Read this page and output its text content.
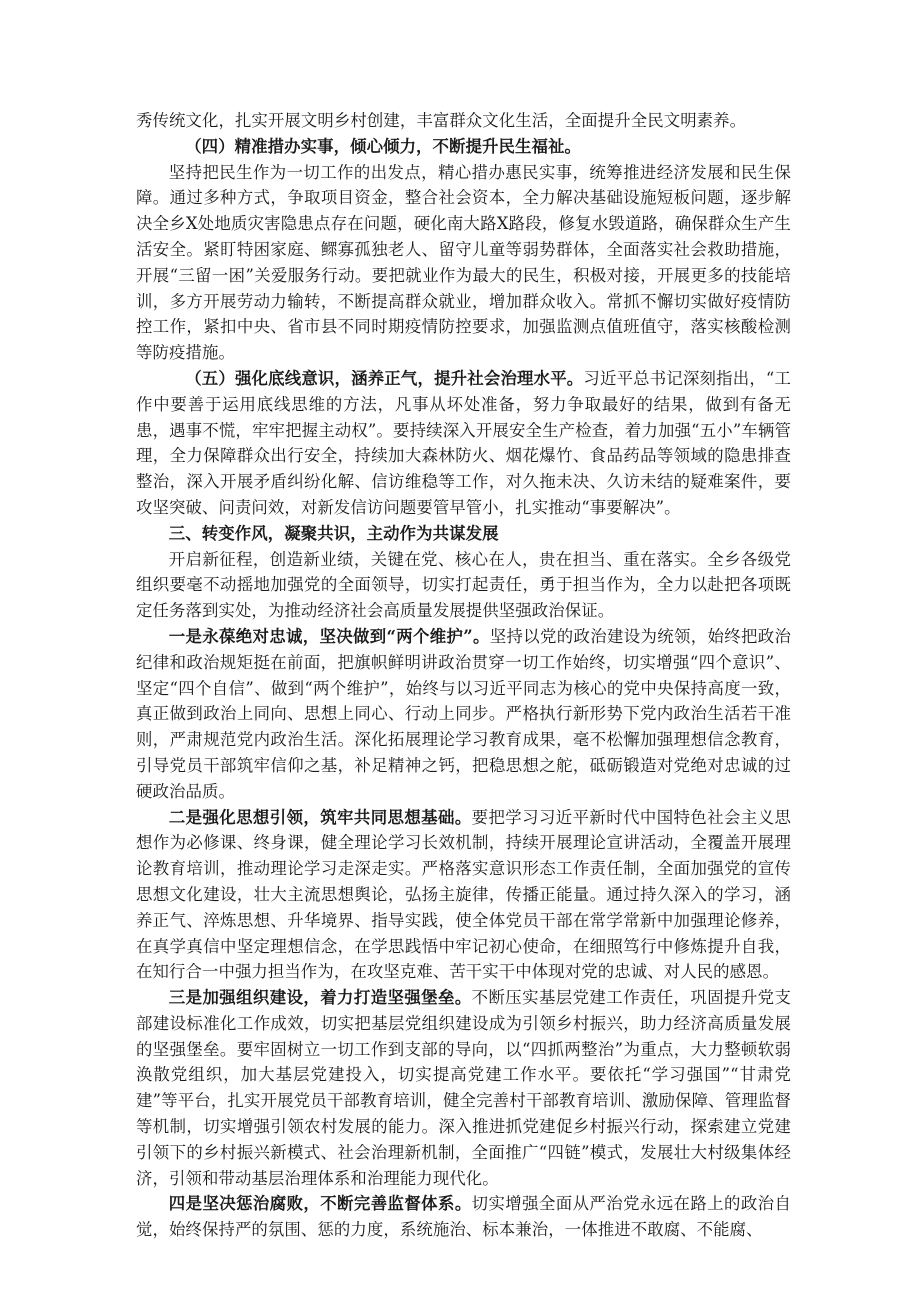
秀传统文化，扎实开展文明乡村创建，丰富群众文化生活，全面提升全民文明素养。

（四）精准措办实事，倾心倾力，不断提升民生福祉。

坚持把民生作为一切工作的出发点，精心措办惠民实事，统筹推进经济发展和民生保障。通过多种方式，争取项目资金，整合社会资本，全力解决基础设施短板问题，逐步解决全乡X处地质灾害隐患点存在问题，硬化南大路X路段，修复水毁道路，确保群众生产生活安全。紧盯特困家庭、鳏寡孤独老人、留守儿童等弱势群体，全面落实社会救助措施，开展“三留一困”关爱服务行动。要把就业作为最大的民生，积极对接，开展更多的技能培训，多方开展劳动力输转，不断提高群众就业，增加群众收入。常抓不懈切实做好疫情防控工作，紧扣中央、省市县不同时期疫情防控要求，加强监测点值班值守，落实核酸检测等防疫措施。

（五）强化底线意识，涵养正气，提升社会治理水平。习近平总书记深刻指出，“工作中要善于运用底线思维的方法，凡事从坏处准备，努力争取最好的结果，做到有备无患，遇事不慌，牢牢把握主动权”。要持续深入开展安全生产检查，着力加强“五小”车辆管理，全力保障群众出行安全，持续加大森林防火、烟花爆竹、食品药品等领域的隐患排查整治，深入开展矛盾纠纷化解、信访维稳等工作，对久拖未决、久访未结的疑难案件，要攻坚突破、问责问效，对新发信访问题要管早管小，扎实推动“事要解决”。

三、转变作风，凝聚共识，主动作为共谋发展

开启新征程，创造新业绩，关键在党、核心在人，贵在担当、重在落实。全乡各级党组织要毫不动摇地加强党的全面领导，切实打起责任，勇于担当作为，全力以赴把各项既定任务落到实处，为推动经济社会高质量发展提供坚强政治保证。

一是永葆绝对忠诚，坚决做到“两个维护”。坚持以党的政治建设为统领，始终把政治纪律和政治规矩挺在前面，把旗帜鲜明讲政治贯穿一切工作始终，切实增强“四个意识”、坚定“四个自信”、做到“两个维护”，始终与以习近平同志为核心的党中央保持高度一致，真正做到政治上同向、思想上同心、行动上同步。严格执行新形势下党内政治生活若干准则，严肃规范党内政治生活。深化拓展理论学习教育成果，毫不松懈加强理想信念教育，引导党员干部筑牢信仰之基，补足精神之钙，把稳思想之舵，砥砺锻造对党绝对忠诚的过硬政治品质。

二是强化思想引领，筑牢共同思想基础。要把学习习近平新时代中国特色社会主义思想作为必修课、终身课，健全理论学习长效机制，持续开展理论宣讲活动，全覆盖开展理论教育培训，推动理论学习走深走实。严格落实意识形态工作责任制，全面加强党的宣传思想文化建设，壮大主流思想舆论，弘扬主旋律，传播正能量。通过持久深入的学习，涵养正气、淬炼思想、升华境界、指导实践，使全体党员干部在常学常新中加强理论修养，在真学真信中坚定理想信念，在学思践悟中牢记初心使命，在细照笃行中修炼提升自我，在知行合一中强力担当作为，在攻坚克难、苦干实干中体现对党的忠诚、对人民的感恩。

三是加强组织建设，着力打造坚强堡垒。不断压实基层党建工作责任，巩固提升党支部建设标准化工作成效，切实把基层党组织建设成为引领乡村振兴，助力经济高质量发展的坚强堡垒。要牢固树立一切工作到支部的导向，以“四抓两整治”为重点，大力整顿软弱涣散党组织，加大基层党建投入，切实提高党建工作水平。要依托“学习强国”“甘肃党建”等平台，扎实开展党员干部教育培训，健全完善村干部教育培训、激励保障、管理监督等机制，切实增强引领农村发展的能力。深入推进抓党建促乡村振兴行动，探索建立党建引领下的乡村振兴新模式、社会治理新机制，全面推广“四链”模式，发展壮大村级集体经济，引领和带动基层治理体系和治理能力现代化。

四是坚决惩治腐败，不断完善监督体系。切实增强全面从严治党永远在路上的政治自觉，始终保持严的氛围、惩的力度，系统施治、标本兼治，一体推进不敢腐、不能腐、
